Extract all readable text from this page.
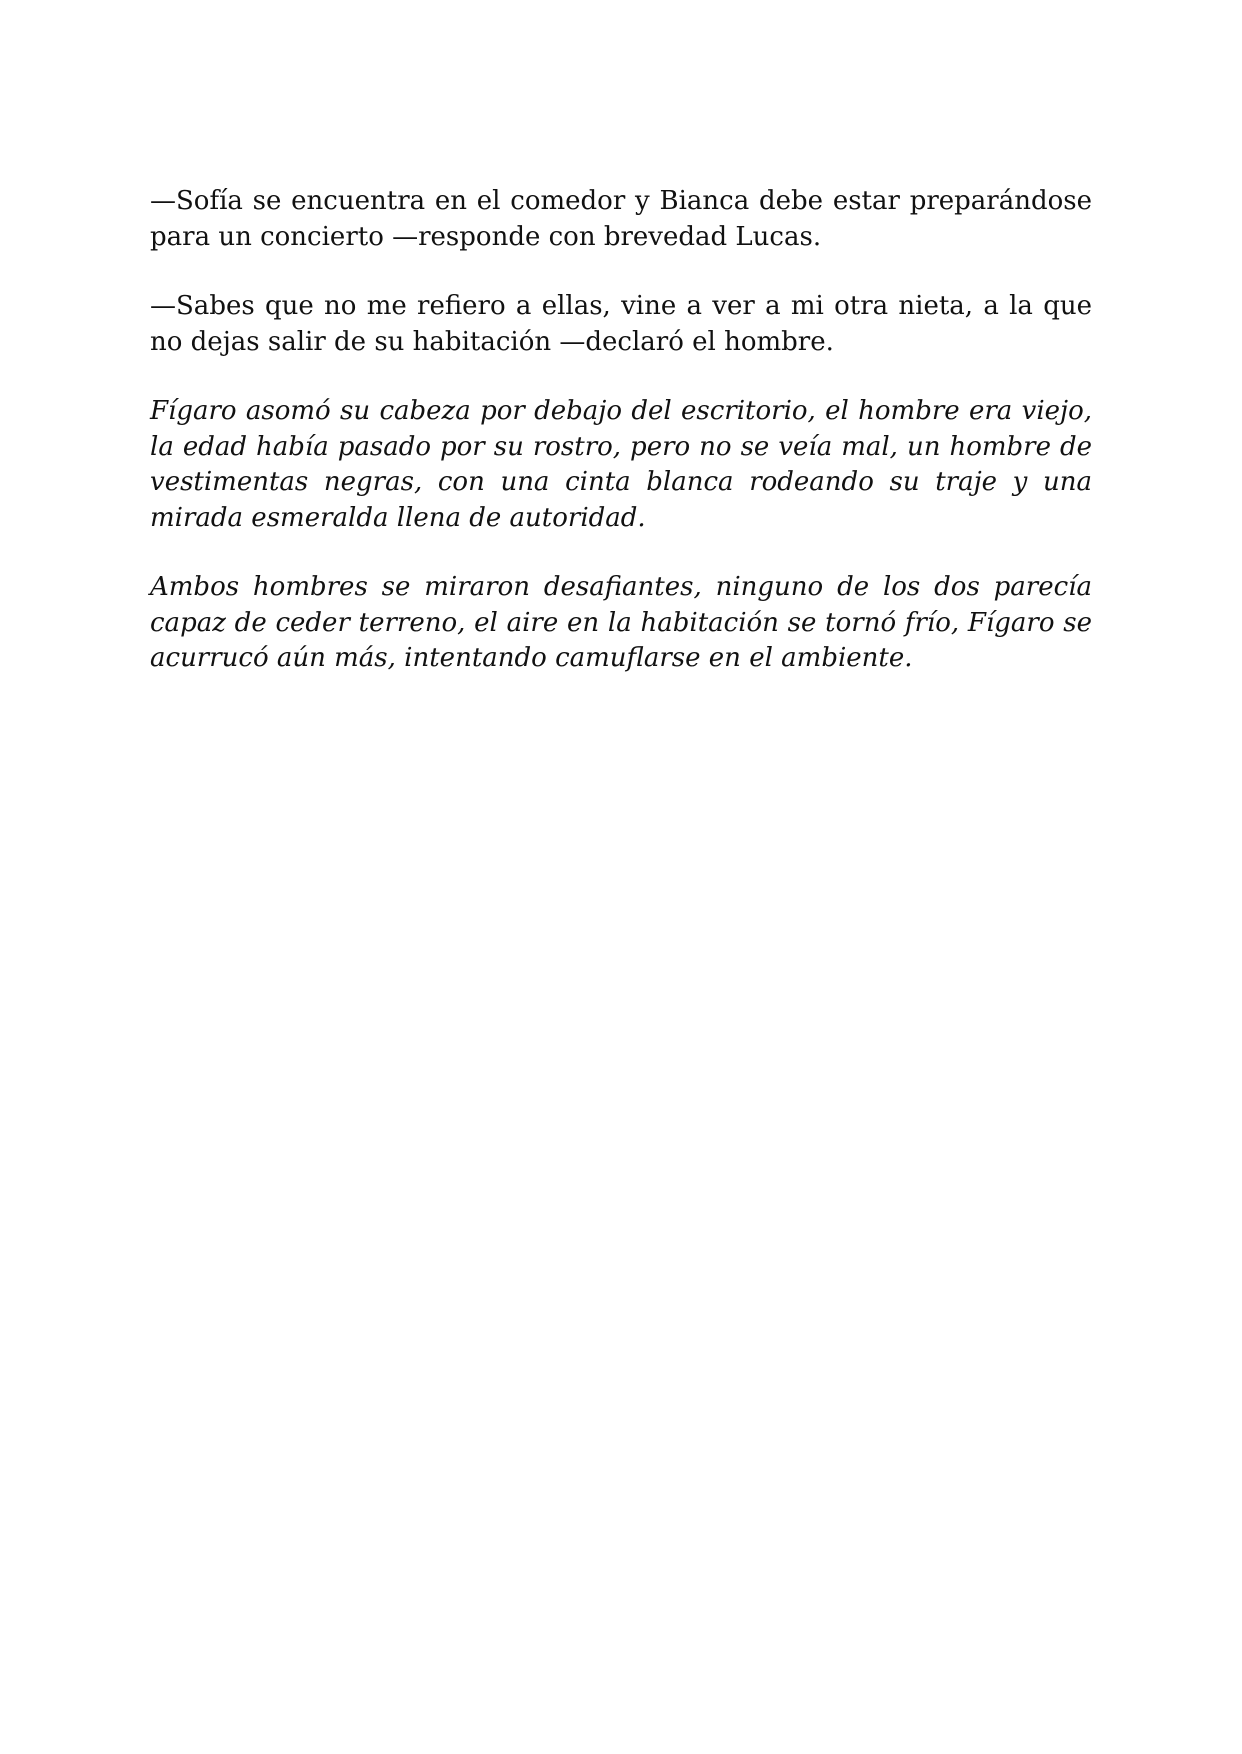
—Sofía se encuentra en el comedor y Bianca debe estar preparándose para un concierto —responde con brevedad Lucas.

—Sabes que no me refiero a ellas, vine a ver a mi otra nieta, a la que no dejas salir de su habitación —declaró el hombre.

Fígaro asomó su cabeza por debajo del escritorio, el hombre era viejo, la edad había pasado por su rostro, pero no se veía mal, un hombre de vestimentas negras, con una cinta blanca rodeando su traje y una mirada esmeralda llena de autoridad.

Ambos hombres se miraron desafiantes, ninguno de los dos parecía capaz de ceder terreno, el aire en la habitación se tornó frío, Fígaro se acurrucó aún más, intentando camuflarse en el ambiente.
